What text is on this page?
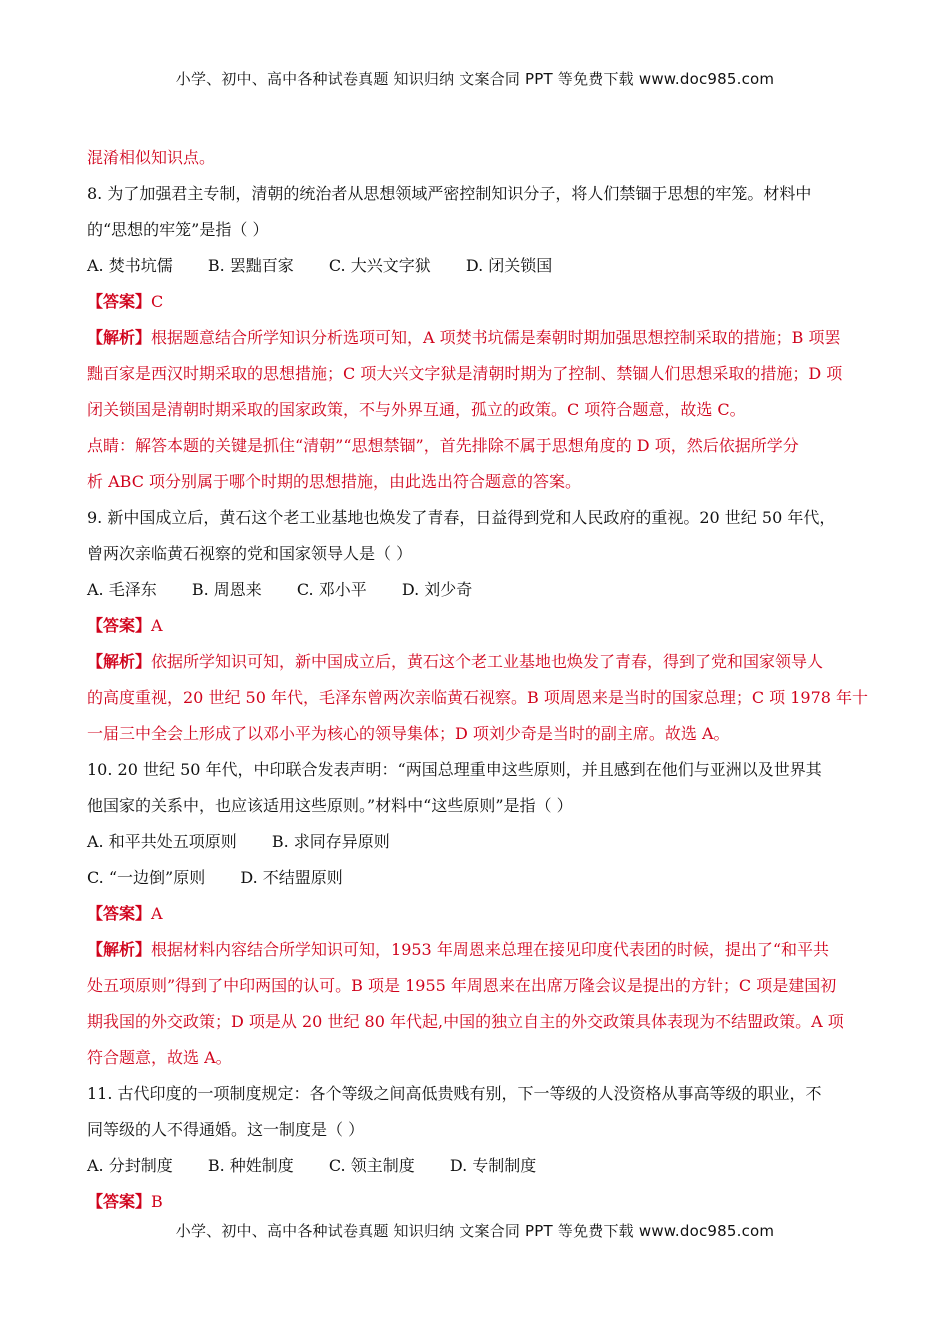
小学、初中、高中各种试卷真题 知识归纳 文案合同 PPT 等免费下载 www.doc985.com
混淆相似知识点。
8. 为了加强君主专制，清朝的统治者从思想领域严密控制知识分子，将人们禁锢于思想的牢笼。材料中
的“思想的牢笼”是指（ ）
A. 焚书坑儒 B. 罢黜百家 C. 大兴文字狱 D. 闭关锁国
【答案】C
【解析】根据题意结合所学知识分析选项可知，A 项焚书坑儒是秦朝时期加强思想控制采取的措施；B 项罢
黜百家是西汉时期采取的思想措施；C 项大兴文字狱是清朝时期为了控制、禁锢人们思想采取的措施；D 项
闭关锁国是清朝时期采取的国家政策，不与外界互通，孤立的政策。C 项符合题意，故选 C。
点睛：解答本题的关键是抓住“清朝”“思想禁锢”，首先排除不属于思想角度的 D 项，然后依据所学分
析 ABC 项分别属于哪个时期的思想措施，由此选出符合题意的答案。
9. 新中国成立后，黄石这个老工业基地也焕发了青春，日益得到党和人民政府的重视。20 世纪 50 年代，
曾两次亲临黄石视察的党和国家领导人是（ ）
A. 毛泽东 B. 周恩来 C. 邓小平 D. 刘少奇
【答案】A
【解析】依据所学知识可知，新中国成立后，黄石这个老工业基地也焕发了青春，得到了党和国家领导人
的高度重视，20 世纪 50 年代，毛泽东曾两次亲临黄石视察。B 项周恩来是当时的国家总理；C 项 1978 年十
一届三中全会上形成了以邓小平为核心的领导集体；D 项刘少奇是当时的副主席。故选 A。
10. 20 世纪 50 年代，中印联合发表声明：“两国总理重申这些原则，并且感到在他们与亚洲以及世界其
他国家的关系中，也应该适用这些原则。”材料中“这些原则”是指（ ）
A. 和平共处五项原则 B. 求同存异原则
C. “一边倒”原则 D. 不结盟原则
【答案】A
【解析】根据材料内容结合所学知识可知，1953 年周恩来总理在接见印度代表团的时候，提出了“和平共
处五项原则”得到了中印两国的认可。B 项是 1955 年周恩来在出席万隆会议是提出的方针；C 项是建国初
期我国的外交政策；D 项是从 20 世纪 80 年代起,中国的独立自主的外交政策具体表现为不结盟政策。A 项
符合题意，故选 A。
11. 古代印度的一项制度规定：各个等级之间高低贵贱有别，下一等级的人没资格从事高等级的职业，不
同等级的人不得通婚。这一制度是（ ）
A. 分封制度 B. 种姓制度 C. 领主制度 D. 专制制度
【答案】B
小学、初中、高中各种试卷真题 知识归纳 文案合同 PPT 等免费下载 www.doc985.com
